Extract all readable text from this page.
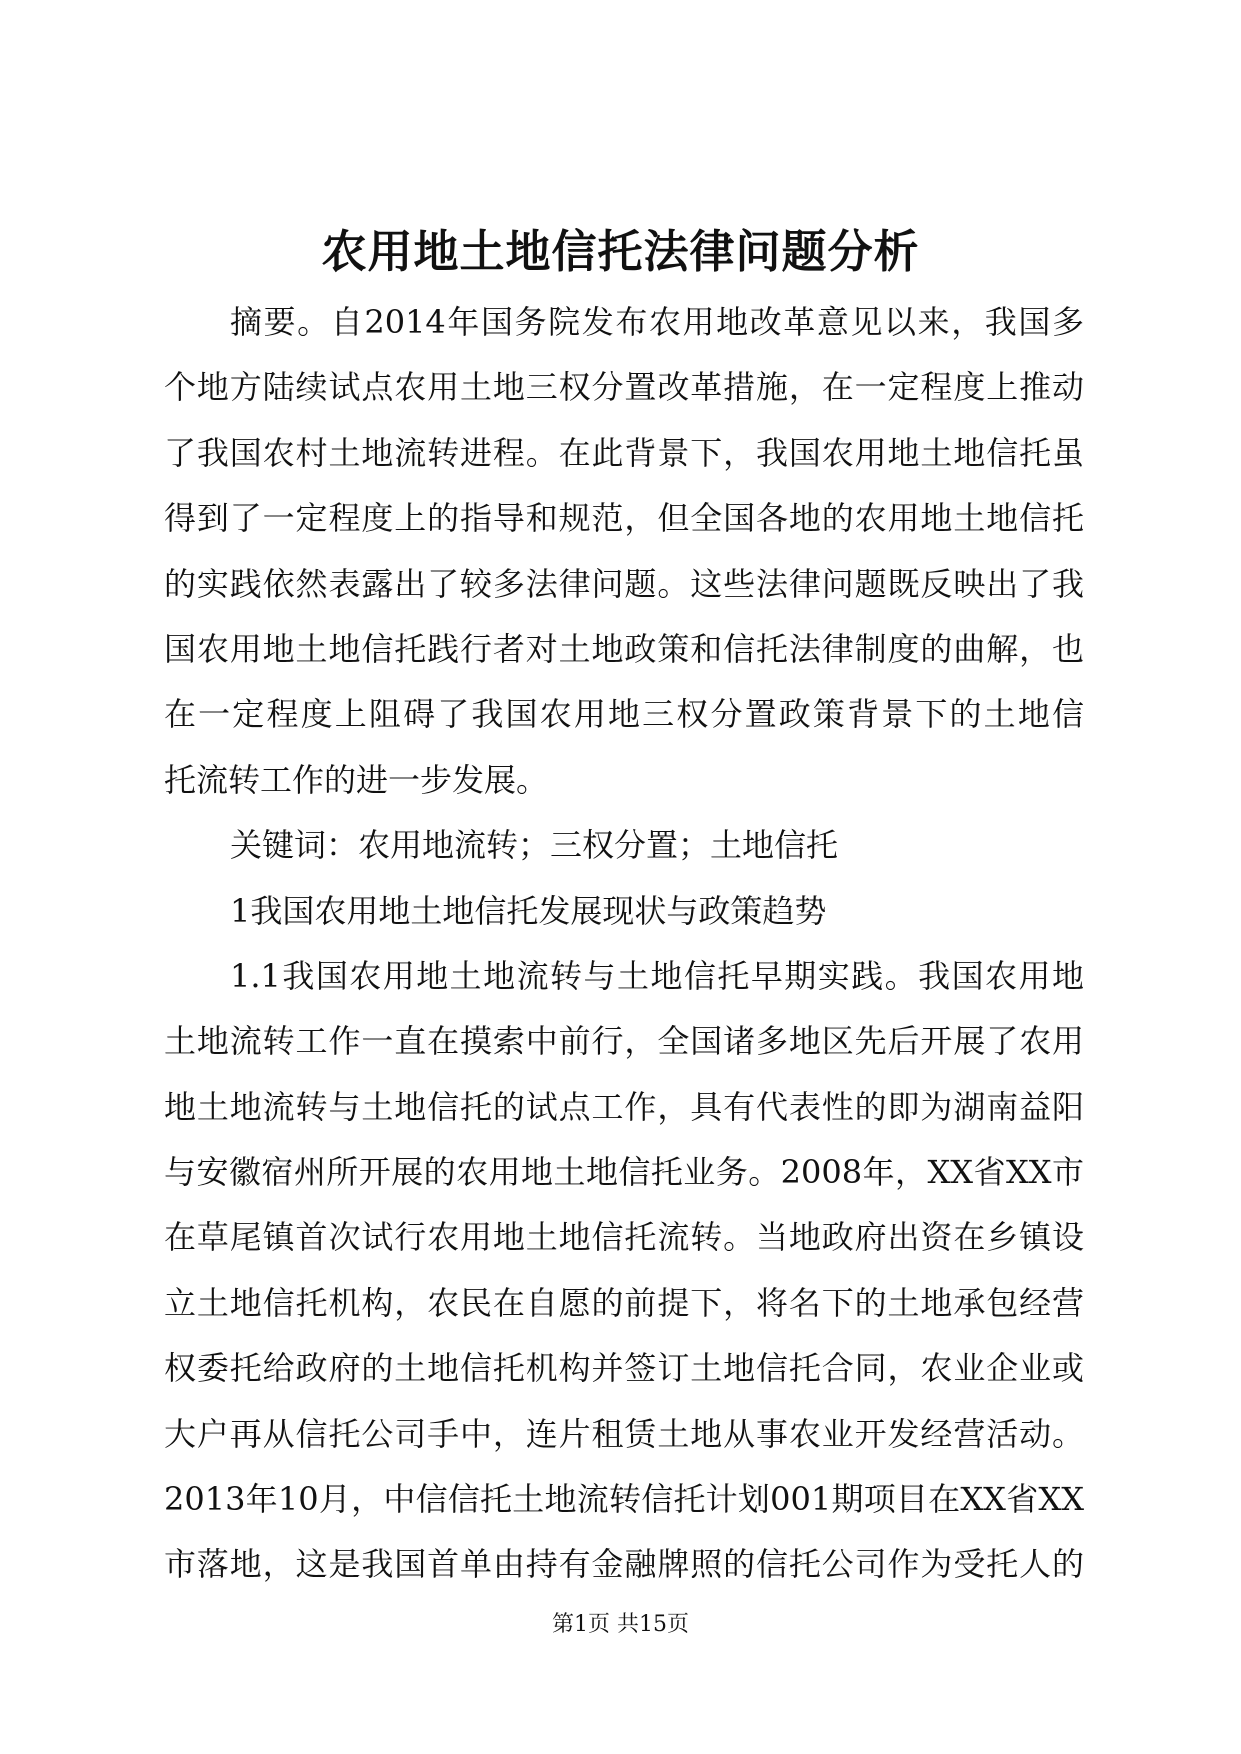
农用地土地信托法律问题分析
摘要。自2014年国务院发布农用地改革意见以来，我国多
个地方陆续试点农用土地三权分置改革措施，在一定程度上推动
了我国农村土地流转进程。在此背景下，我国农用地土地信托虽
得到了一定程度上的指导和规范，但全国各地的农用地土地信托
的实践依然表露出了较多法律问题。这些法律问题既反映出了我
国农用地土地信托践行者对土地政策和信托法律制度的曲解，也
在一定程度上阻碍了我国农用地三权分置政策背景下的土地信
托流转工作的进一步发展。
关键词：农用地流转；三权分置；土地信托
1我国农用地土地信托发展现状与政策趋势
1.1我国农用地土地流转与土地信托早期实践。我国农用地
土地流转工作一直在摸索中前行，全国诸多地区先后开展了农用
地土地流转与土地信托的试点工作，具有代表性的即为湖南益阳
与安徽宿州所开展的农用地土地信托业务。2008年，XX省XX市
在草尾镇首次试行农用地土地信托流转。当地政府出资在乡镇设
立土地信托机构，农民在自愿的前提下，将名下的土地承包经营
权委托给政府的土地信托机构并签订土地信托合同，农业企业或
大户再从信托公司手中，连片租赁土地从事农业开发经营活动。
2013年10月，中信信托土地流转信托计划001期项目在XX省XX
市落地，这是我国首单由持有金融牌照的信托公司作为受托人的
第1页 共15页
